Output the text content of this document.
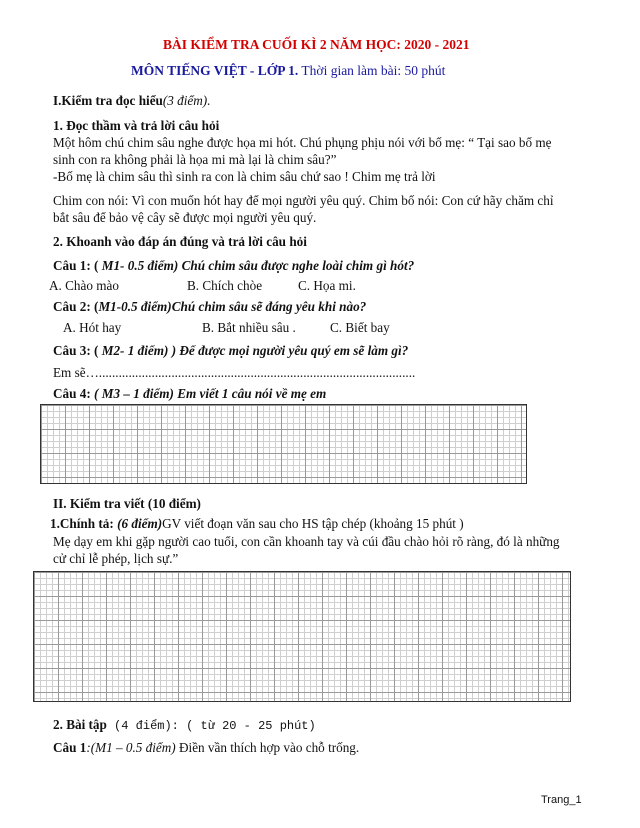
BÀI KIỂM TRA CUỐI KÌ 2 NĂM HỌC: 2020 - 2021
MÔN TIẾNG VIỆT - LỚP 1. Thời gian làm bài: 50 phút
I.Kiểm tra đọc hiểu(3 điểm).
1. Đọc thầm và trả lời câu hỏi
Một hôm chú chim sâu nghe được họa mi hót. Chú phụng phịu nói với bố mẹ: “ Tại sao bố mẹ
sinh con ra không phải là họa mi mà lại là chim sâu?”
-Bố mẹ là chim sâu thì sinh ra con là chim sâu chứ sao ! Chim mẹ trả lời
Chim con nói: Vì con muốn hót hay để mọi người yêu quý. Chim bố nói: Con cứ hãy chăm chỉ
bắt sâu để bảo vệ cây sẽ được mọi người yêu quý.
2. Khoanh vào đáp án đúng và trả lời câu hỏi
Câu 1: ( M1- 0.5 điểm) Chú chim sâu được nghe loài chim gì hót?
A. Chào mào	B. Chích chòe	C. Họa mi.
Câu 2: (M1-0.5 điểm)Chú chim sâu sẽ đáng yêu khi nào?
A. Hót hay	B. Bắt nhiều sâu .	C. Biết bay
Câu 3: ( M2- 1 điểm) ) Để được mọi người yêu quý em sẽ làm gì?
Em sẽ…................................................................................................
Câu 4: ( M3 – 1 điểm) Em viết 1 câu nói về mẹ em
II. Kiểm tra viết (10 điểm)
1.Chính tả: (6 điểm)GV viết đoạn văn sau cho HS tập chép (khoảng 15 phút )
Mẹ dạy em khi gặp người cao tuổi, con cần khoanh tay và cúi đầu chào hỏi rõ ràng, đó là những
cử chỉ lễ phép, lịch sự.”
2. Bài tập (4 điểm): ( từ 20 - 25 phút)
Câu 1:(M1 – 0.5 điểm) Điền vần thích hợp vào chỗ trống.
Trang_1
